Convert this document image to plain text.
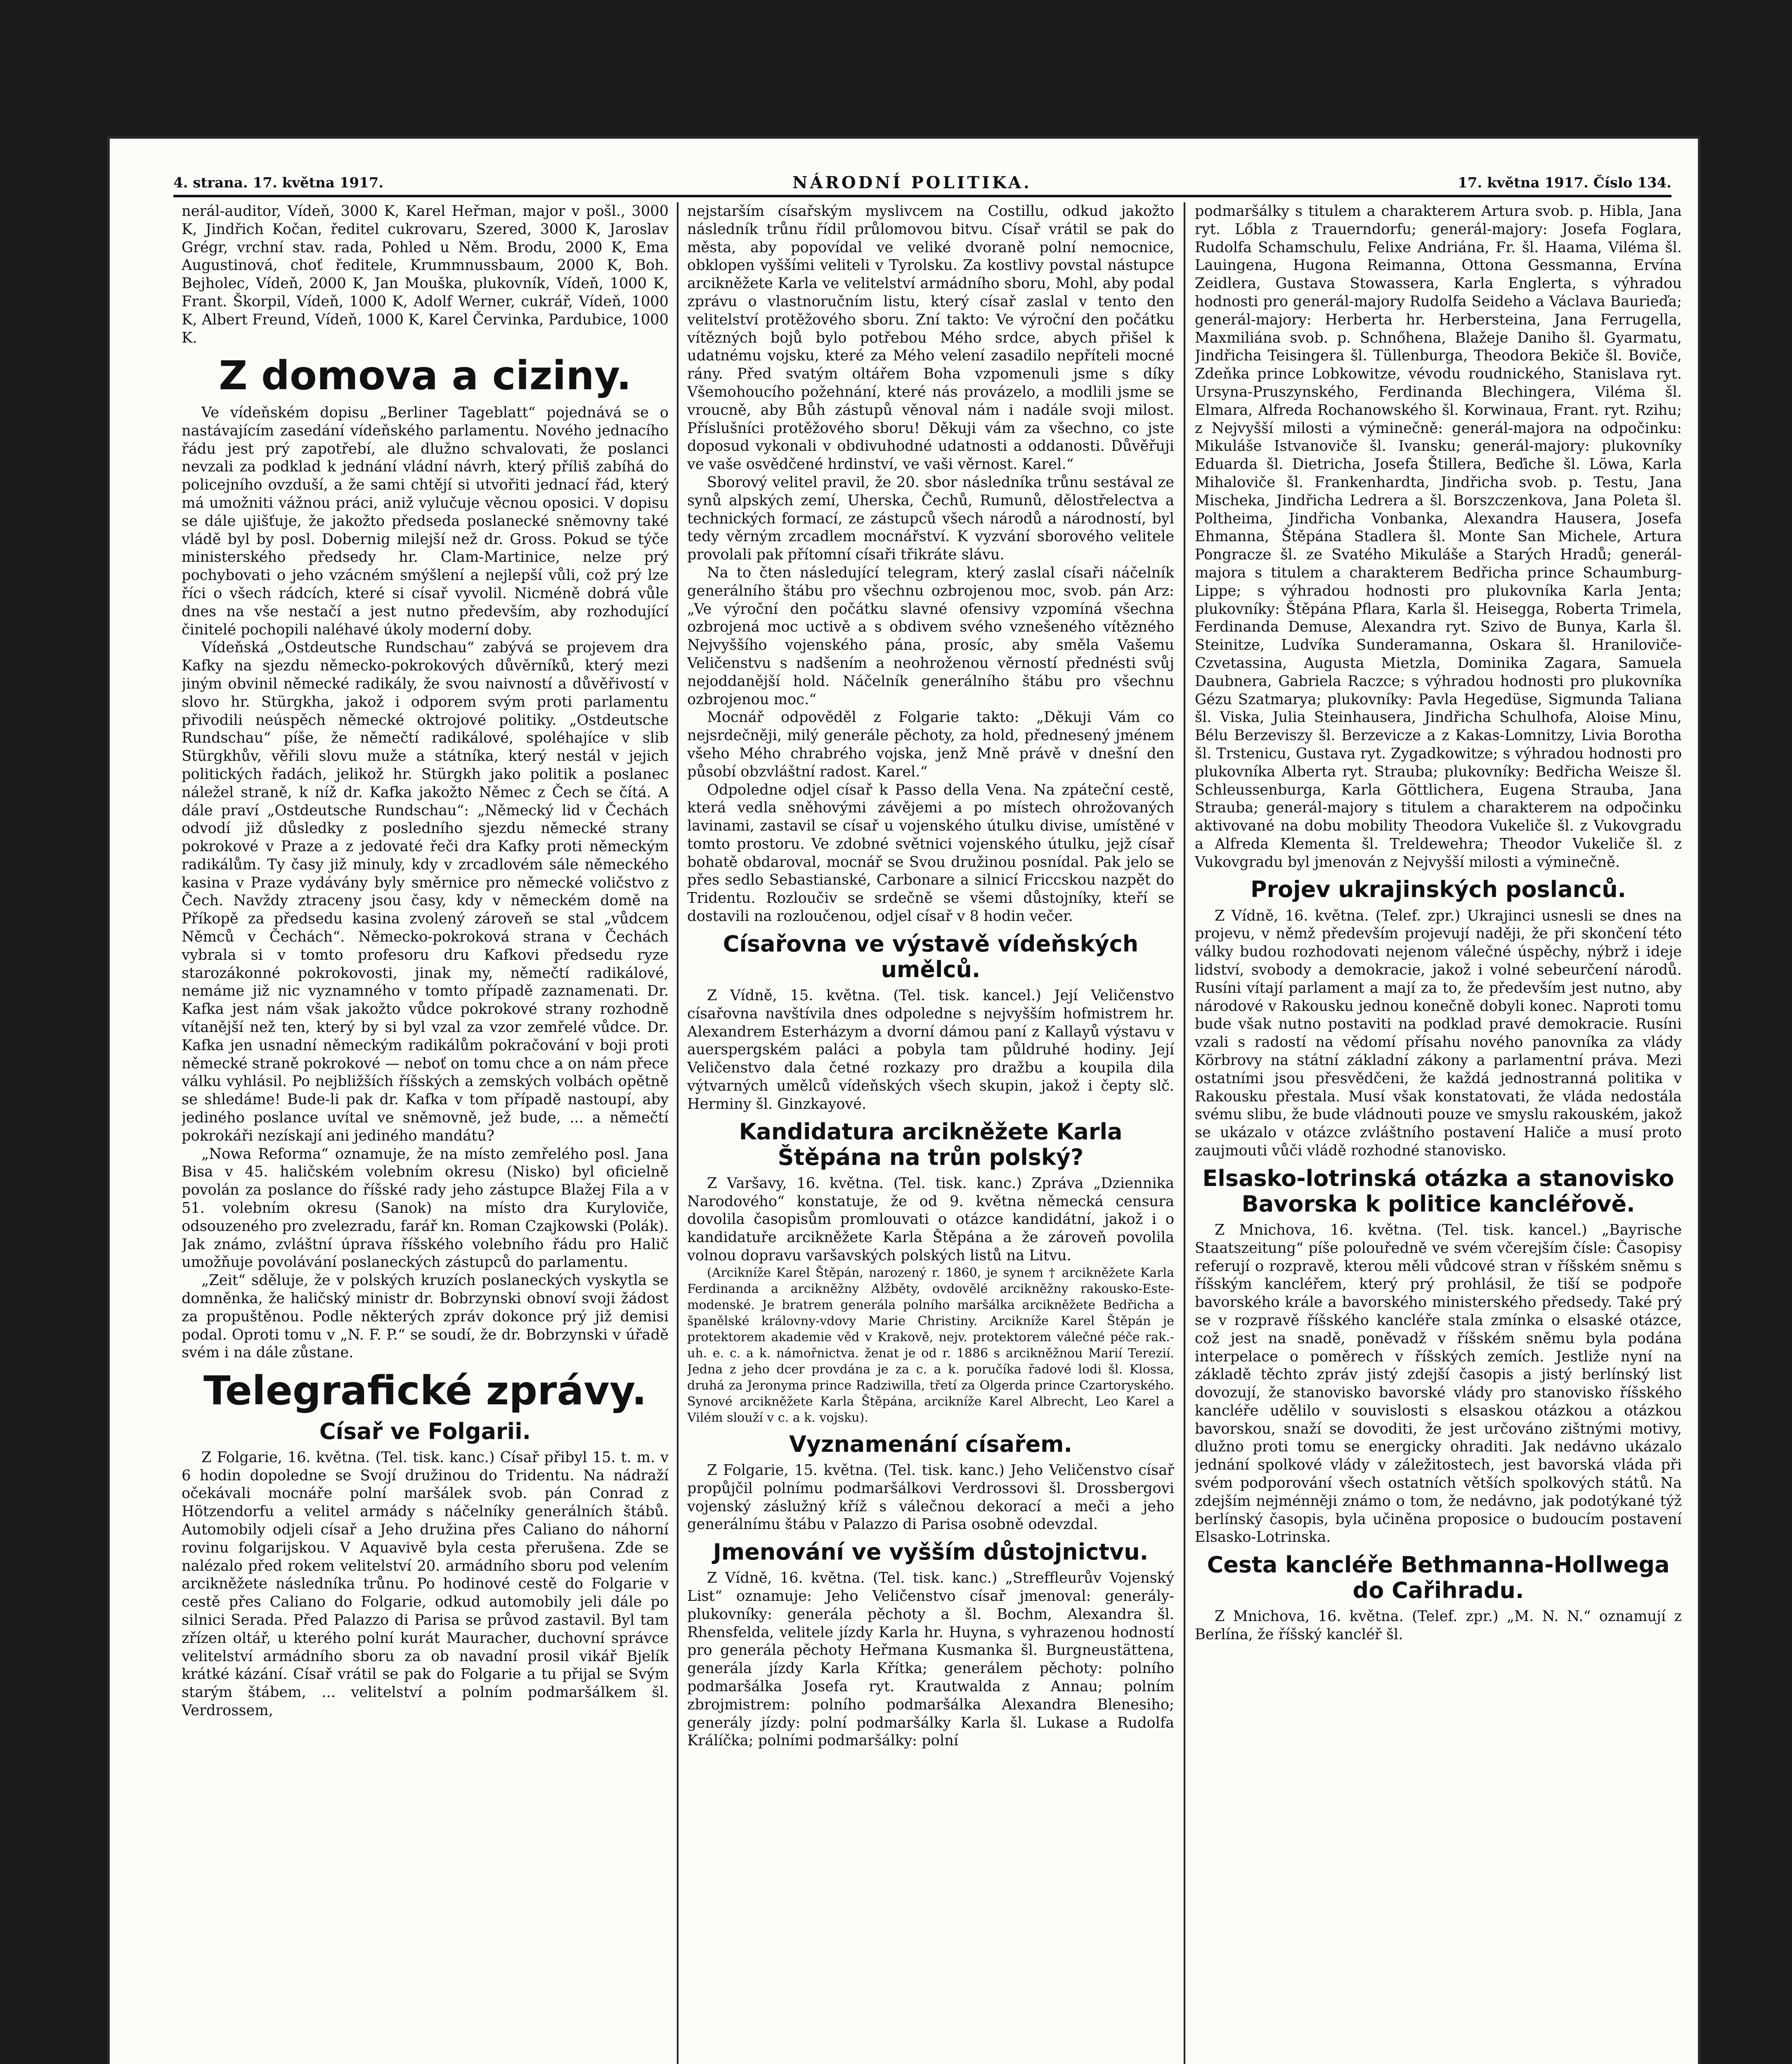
4. strana. 17. května 1917.	NÁRODNÍ POLITIKA.	17. května 1917. Číslo 134.

nerál-auditor, Vídeň, 3000 K, Karel Heřman, major v pošl., 3000 K, Jindřich Kočan, ředitel cukrovaru, Szered, 3000 K, Jaroslav Grégr, vrchní stav. rada, Pohled u Něm. Brodu, 2000 K, Ema Augustinová, choť ředitele, Krummnussbaum, 2000 K, Boh. Bejholec, Vídeň, 2000 K, Jan Mouška, plukovník, Vídeň, 1000 K, Frant. Škorpil, Vídeň, 1000 K, Adolf Werner, cukrář, Vídeň, 1000 K, Albert Freund, Vídeň, 1000 K, Karel Červinka, Pardubice, 1000 K.

Z domova a ciziny.

Ve vídeňském dopisu „Berliner Tageblatt“ pojednává se o nastávajícím zasedání vídeňského parlamentu. Nového jednacího řádu jest prý zapotřebí, ale dlužno schvalovati, že poslanci nevzali za podklad k jednání vládní návrh, který příliš zabíhá do policejního ovzduší, a že sami chtějí si utvořiti jednací řád, který má umožniti vážnou práci, aniž vylučuje věcnou oposici. V dopisu se dále ujišťuje, že jakožto předseda poslanecké sněmovny také vládě byl by posl. Dobernig milejší než dr. Gross. Pokud se týče ministerského předsedy hr. Clam-Martinice, nelze prý pochybovati o jeho vzácném smýšlení a nejlepší vůli, což prý lze říci o všech rádcích, které si císař vyvolil. Nicméně dobrá vůle dnes na vše nestačí a jest nutno především, aby rozhodující činitelé pochopili naléhavé úkoly moderní doby.

Vídeňská „Ostdeutsche Rundschau“ zabývá se projevem dra Kafky na sjezdu německo-pokrokových důvěrníků, který mezi jiným obvinil německé radikály, že svou naivností a důvěřivostí v slovo hr. Stürgkha, jakož i odporem svým proti parlamentu přivodili neúspěch německé oktrojové politiky. „Ostdeutsche Rundschau“ píše, že němečtí radikálové, spoléhajíce v slib Stürgkhův, věřili slovu muže a státníka, který nestál v jejich politických řadách, jelikož hr. Stürgkh jako politik a poslanec náležel straně, k níž dr. Kafka jakožto Němec z Čech se čítá. A dále praví „Ostdeutsche Rundschau“: „Německý lid v Čechách odvodí již důsledky z posledního sjezdu německé strany pokrokové v Praze a z jedovaté řeči dra Kafky proti německým radikálům. Ty časy již minuly, kdy v zrcadlovém sále německého kasina v Praze vydávány byly směrnice pro německé voličstvo z Čech. Navždy ztraceny jsou časy, kdy v německém domě na Příkopě za předsedu kasina zvolený zároveň se stal „vůdcem Němců v Čechách“. Německo-pokroková strana v Čechách vybrala si v tomto profesoru dru Kafkovi předsedu ryze starozákonné pokrokovosti, jinak my, němečtí radikálové, nemáme již nic vyznamného v tomto případě zaznamenati. Dr. Kafka jest nám však jakožto vůdce pokrokové strany rozhodně vítanější než ten, který by si byl vzal za vzor zemřelé vůdce. Dr. Kafka jen usnadní německým radikálům pokračování v boji proti německé straně pokrokové — neboť on tomu chce a on nám přece válku vyhlásil. Po nejbližších říšských a zemských volbách opětně se shledáme! Bude-li pak dr. Kafka v tom případě nastoupí, aby jediného poslance uvítal ve sněmovně, jež bude, ... a němečtí pokrokáři nezískají ani jediného mandátu?

„Nowa Reforma“ oznamuje, že na místo zemřelého posl. Jana Bisa v 45. haličském volebním okresu (Nisko) byl oficielně povolán za poslance do říšské rady jeho zástupce Blažej Fila a v 51. volebním okresu (Sanok) na místo dra Kuryloviče, odsouzeného pro zvelezradu, farář kn. Roman Czajkowski (Polák). Jak známo, zvláštní úprava říšského volebního řádu pro Halič umožňuje povolávání poslaneckých zástupců do parlamentu.

„Zeit“ sděluje, že v polských kruzích poslaneckých vyskytla se domněnka, že haličský ministr dr. Bobrzynski obnoví svoji žádost za propuštěnou. Podle některých zpráv dokonce prý již demisi podal. Oproti tomu v „N. F. P.“ se soudí, že dr. Bobrzynski v úřadě svém i na dále zůstane.

Telegrafické zprávy.
Císař ve Folgarii.

Z Folgarie, 16. května. (Tel. tisk. kanc.) Císař přibyl 15. t. m. v 6 hodin dopoledne se Svojí družinou do Tridentu. Na nádraží očekávali mocnáře polní maršálek svob. pán Conrad z Hötzendorfu a velitel armády s náčelníky generálních štábů. Automobily odjeli císař a Jeho družina přes Caliano do náhorní rovinu folgarijskou. V Aquavivě byla cesta přerušena. Zde se nalézalo před rokem velitelství 20. armádního sboru pod velením arcikněžete následníka trůnu. Po hodinové cestě do Folgarie v cestě přes Caliano do Folgarie, odkud automobily jeli dále po silnici Serada. Před Palazzo di Parisa se průvod zastavil. Byl tam zřízen oltář, u kterého polní kurát Mauracher, duchovní správce velitelství armádního sboru za ob navadní prosil vikář Bjelík krátké kázání. Císař vrátil se pak do Folgarie a tu přijal se Svým starým štábem, ... velitelství a polním podmaršálkem šl. Verdrossem,

nejstarším císařským myslivcem na Costillu, odkud jakožto následník trůnu řídil průlomovou bitvu. Císař vrátil se pak do města, aby popovídal ve veliké dvoraně polní nemocnice, obklopen vyššími veliteli v Tyrolsku. Za kostlivy povstal nástupce arcikněžete Karla ve velitelství armádního sboru, Mohl, aby podal zprávu o vlastnoručním listu, který císař zaslal v tento den velitelství protěžového sboru. Zní takto: Ve výroční den počátku vítězných bojů bylo potřebou Mého srdce, abych přišel k udatnému vojsku, které za Mého velení zasadilo nepříteli mocné rány. Před svatým oltářem Boha vzpomenuli jsme s díky Všemohoucího požehnání, které nás provázelo, a modlili jsme se vroucně, aby Bůh zástupů věnoval nám i nadále svoji milost. Příslušníci protěžového sboru! Děkuji vám za všechno, co jste doposud vykonali v obdivuhodné udatnosti a oddanosti. Důvěřuji ve vaše osvědčené hrdinství, ve vaši věrnost. Karel.“

Sborový velitel pravil, že 20. sbor následníka trůnu sestával ze synů alpských zemí, Uherska, Čechů, Rumunů, dělostřelectva a technických formací, ze zástupců všech národů a národností, byl tedy věrným zrcadlem mocnářství. K vyzvání sborového velitele provolali pak přítomní císaři třikráte slávu.

Na to čten následující telegram, který zaslal císaři náčelník generálního štábu pro všechnu ozbrojenou moc, svob. pán Arz: „Ve výroční den počátku slavné ofensivy vzpomíná všechna ozbrojená moc uctivě a s obdivem svého vznešeného vítězného Nejvyššího vojenského pána, prosíc, aby směla Vašemu Veličenstvu s nadšením a neohroženou věrností přednésti svůj nejoddanější hold. Náčelník generálního štábu pro všechnu ozbrojenou moc.“

Mocnář odpověděl z Folgarie takto: „Děkuji Vám co nejsrdečněji, milý generále pěchoty, za hold, přednesený jménem všeho Mého chrabrého vojska, jenž Mně právě v dnešní den působí obzvláštní radost. Karel.“

Odpoledne odjel císař k Passo della Vena. Na zpáteční cestě, která vedla sněhovými závějemi a po místech ohrožovaných lavinami, zastavil se císař u vojenského útulku divise, umístěné v tomto prostoru. Ve zdobné světnici vojenského útulku, jejž císař bohatě obdaroval, mocnář se Svou družinou posnídal. Pak jelo se přes sedlo Sebastianské, Carbonare a silnicí Friccskou nazpět do Tridentu. Rozloučiv se srdečně se všemi důstojníky, kteří se dostavili na rozloučenou, odjel císař v 8 hodin večer.

Císařovna ve výstavě vídeňských umělců.

Z Vídně, 15. května. (Tel. tisk. kancel.) Její Veličenstvo císařovna navštívila dnes odpoledne s nejvyšším hofmistrem hr. Alexandrem Esterházym a dvorní dámou paní z Kallayů výstavu v auerspergském paláci a pobyla tam půldruhé hodiny. Její Veličenstvo dala četné rozkazy pro dražbu a koupila dila výtvarných umělců vídeňských všech skupin, jakož i čepty slč. Herminy šl. Ginzkayové.

Kandidatura arcikněžete Karla Štěpána na trůn polský?

Z Varšavy, 16. května. (Tel. tisk. kanc.) Zpráva „Dziennika Narodového“ konstatuje, že od 9. května německá censura dovolila časopisům promlouvati o otázce kandidátní, jakož i o kandidatuře arcikněžete Karla Štěpána a že zároveň povolila volnou dopravu varšavských polských listů na Litvu.

(Arcikníže Karel Štěpán, narozený r. 1860, je synem † arcikněžete Karla Ferdinanda a arcikněžny Alžběty, ovdovělé arcikněžny rakousko-Este-modenské. Je bratrem generála polního maršálka arcikněžete Bedřicha a španělské královny-vdovy Marie Christiny. Arcikníže Karel Štěpán je protektorem akademie věd v Krakově, nejv. protektorem válečné péče rak.-uh. e. c. a k. námořnictva. ženat je od r. 1886 s arcikněžnou Marií Terezií. Jedna z jeho dcer provdána je za c. a k. poručíka řadové lodi šl. Klossa, druhá za Jeronyma prince Radziwilla, třetí za Olgerda prince Czartoryského. Synové arcikněžete Karla Štěpána, arcikníže Karel Albrecht, Leo Karel a Vilém slouží v c. a k. vojsku).

Vyznamenání císařem.

Z Folgarie, 15. května. (Tel. tisk. kanc.) Jeho Veličenstvo císař propůjčil polnímu podmaršálkovi Verdrossovi šl. Drossbergovi vojenský záslužný kříž s válečnou dekorací a meči a jeho generálnímu štábu v Palazzo di Parisa osobně odevzdal.

Jmenování ve vyšším důstojnictvu.

Z Vídně, 16. května. (Tel. tisk. kanc.) „Streffleurův Vojenský List“ oznamuje: Jeho Veličenstvo císař jmenoval: generály-plukovníky: generála pěchoty a šl. Bochm, Alexandra šl. Rhensfelda, velitele jízdy Karla hr. Huyna, s vyhrazenou hodností pro generála pěchoty Heřmana Kusmanka šl. Burgneustättena, generála jízdy Karla Křítka; generálem pěchoty: polního podmaršálka Josefa ryt. Krautwalda z Annau; polním zbrojmistrem: polního podmaršálka Alexandra Blenesiho; generály jízdy: polní podmaršálky Karla šl. Lukase a Rudolfa Králíčka; polními podmaršálky: polní

podmaršálky s titulem a charakterem Artura svob. p. Hibla, Jana ryt. Lőbla z Trauerndorfu; generál-majory: Josefa Foglara, Rudolfa Schamschulu, Felixe Andriána, Fr. šl. Haama, Viléma šl. Lauingena, Hugona Reimanna, Ottona Gessmanna, Ervína Zeidlera, Gustava Stowassera, Karla Englerta, s výhradou hodnosti pro generál-majory Rudolfa Seideho a Václava Baurieďa; generál-majory: Herberta hr. Herbersteina, Jana Ferrugella, Maxmiliána svob. p. Schnőhena, Blažeje Daniho šl. Gyarmatu, Jindřicha Teisingera šl. Tüllenburga, Theodora Bekiče šl. Boviče, Zdeňka prince Lobkowitze, vévodu roudnického, Stanislava ryt. Ursyna-Pruszynského, Ferdinanda Blechingera, Viléma šl. Elmara, Alfreda Rochanowského šl. Korwinaua, Frant. ryt. Rzihu; z Nejvyšší milosti a výminečně: generál-majora na odpočinku: Mikuláše Istvanoviče šl. Ivansku; generál-majory: plukovníky Eduarda šl. Dietricha, Josefa Štillera, Beďiche šl. Löwa, Karla Mihaloviče šl. Frankenhardta, Jindřicha svob. p. Testu, Jana Mischeka, Jindřicha Ledrera a šl. Borszczenkova, Jana Poleta šl. Poltheima, Jindřicha Vonbanka, Alexandra Hausera, Josefa Ehmanna, Štěpána Stadlera šl. Monte San Michele, Artura Pongracze šl. ze Svatého Mikuláše a Starých Hradů; generál-majora s titulem a charakterem Bedřicha prince Schaumburg-Lippe; s výhradou hodnosti pro plukovníka Karla Jenta; plukovníky: Štěpána Pflara, Karla šl. Heisegga, Roberta Trimela, Ferdinanda Demuse, Alexandra ryt. Szivo de Bunya, Karla šl. Steinitze, Ludvíka Sunderamanna, Oskara šl. Hraniloviče-Czvetassina, Augusta Mietzla, Dominika Zagara, Samuela Daubnera, Gabriela Raczce; s výhradou hodnosti pro plukovníka Gézu Szatmarya; plukovníky: Pavla Hegedüse, Sigmunda Taliana šl. Viska, Julia Steinhausera, Jindřicha Schulhofa, Aloise Minu, Bélu Berzeviszy šl. Berzevicze a z Kakas-Lomnitzy, Livia Borotha šl. Trstenicu, Gustava ryt. Zygadkowitze; s výhradou hodnosti pro plukovníka Alberta ryt. Strauba; plukovníky: Bedřicha Weisze šl. Schleussenburga, Karla Göttlichera, Eugena Strauba, Jana Strauba; generál-majory s titulem a charakterem na odpočinku aktivované na dobu mobility Theodora Vukeliče šl. z Vukovgradu a Alfreda Klementa šl. Treldewehra; Theodor Vukeliče šl. z Vukovgradu byl jmenován z Nejvyšší milosti a výminečně.

Projev ukrajinských poslanců.

Z Vídně, 16. května. (Telef. zpr.) Ukrajinci usnesli se dnes na projevu, v němž především projevují naději, že při skončení této války budou rozhodovati nejenom válečné úspěchy, nýbrž i ideje lidství, svobody a demokracie, jakož i volné sebeurčení národů. Rusíni vítají parlament a mají za to, že především jest nutno, aby národové v Rakousku jednou konečně dobyli konec. Naproti tomu bude však nutno postaviti na podklad pravé demokracie. Rusíni vzali s radostí na vědomí přísahu nového panovníka za vlády Körbrovy na státní základní zákony a parlamentní práva. Mezi ostatními jsou přesvědčeni, že každá jednostranná politika v Rakousku přestala. Musí však konstatovati, že vláda nedostála svému slibu, že bude vládnouti pouze ve smyslu rakouském, jakož se ukázalo v otázce zvláštního postavení Haliče a musí proto zaujmouti vůči vládě rozhodné stanovisko.

Elsasko-lotrinská otázka a stanovisko Bavorska k politice kancléřově.

Z Mnichova, 16. května. (Tel. tisk. kancel.) „Bayrische Staatszeitung“ píše polouředně ve svém včerejším čísle: Časopisy referují o rozpravě, kterou měli vůdcové stran v říšském sněmu s říšským kancléřem, který prý prohlásil, že tiší se podpoře bavorského krále a bavorského ministerského předsedy. Také prý se v rozpravě říšského kancléře stala zmínka o elsaské otázce, což jest na snadě, poněvadž v říšském sněmu byla podána interpelace o poměrech v říšských zemích. Jestliže nyní na základě těchto zpráv jistý zdejší časopis a jistý berlínský list dovozují, že stanovisko bavorské vlády pro stanovisko říšského kancléře udělilo v souvislosti s elsaskou otázkou a otázkou bavorskou, snaží se dovoditi, že jest určováno zištnými motivy, dlužno proti tomu se energicky ohraditi. Jak nedávno ukázalo jednání spolkové vlády v záležitostech, jest bavorská vláda při svém podporování všech ostatních větších spolkových států. Na zdejším nejménněji známo o tom, že nedávno, jak podotýkané týž berlínský časopis, byla učiněna proposice o budoucím postavení Elsasko-Lotrinska.

Cesta kancléře Bethmanna-Hollwega do Cařihradu.

Z Mnichova, 16. května. (Telef. zpr.) „M. N. N.“ oznamují z Berlína, že říšský kancléř šl.
